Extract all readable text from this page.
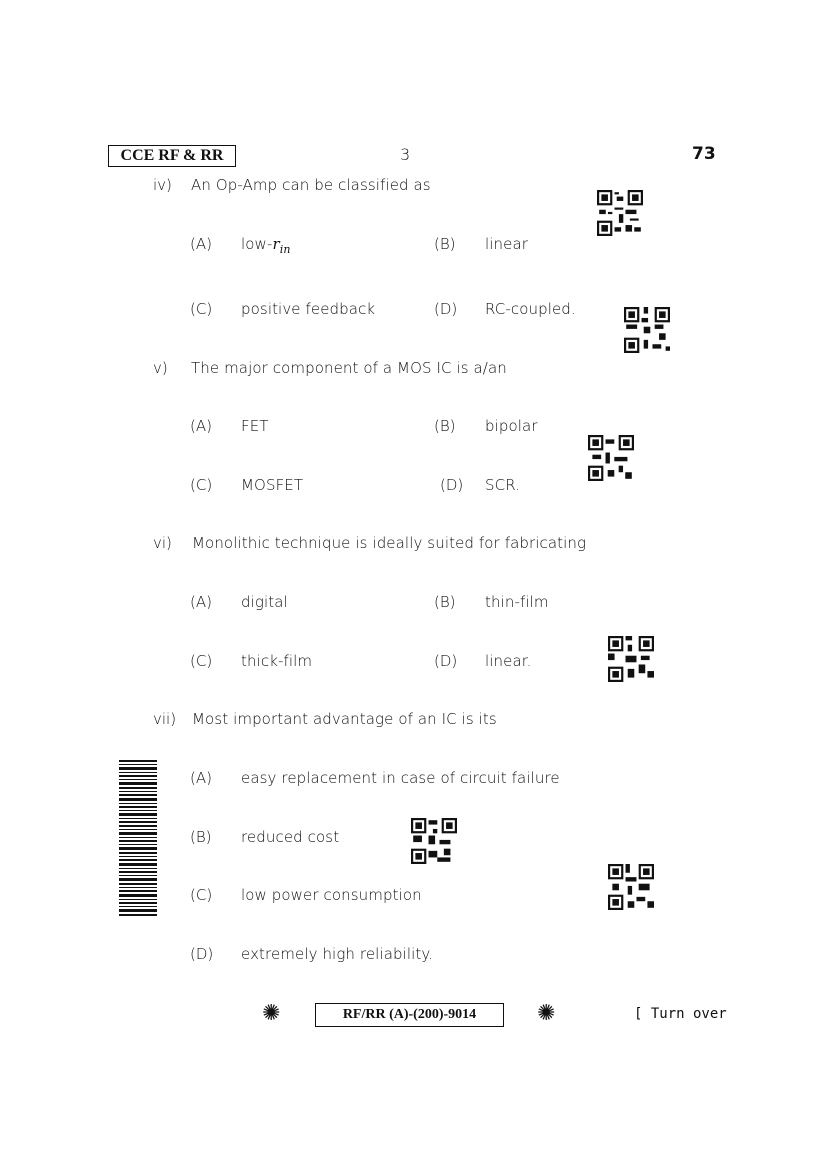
CCE RF & RR	3	73
iv) An Op-Amp can be classified as
(A) low-$r_{in}$	(B) linear
(C) positive feedback	(D) RC-coupled.
v) The major component of a MOS IC is a/an
(A) FET	(B) bipolar
(C) MOSFET	(D) SCR.
vi) Monolithic technique is ideally suited for fabricating
(A) digital	(B) thin-film
(C) thick-film	(D) linear.
vii) Most important advantage of an IC is its
(A) easy replacement in case of circuit failure
(B) reduced cost
(C) low power consumption
(D) extremely high reliability.
✺	RF/RR (A)-(200)-9014	✺	[ Turn over
